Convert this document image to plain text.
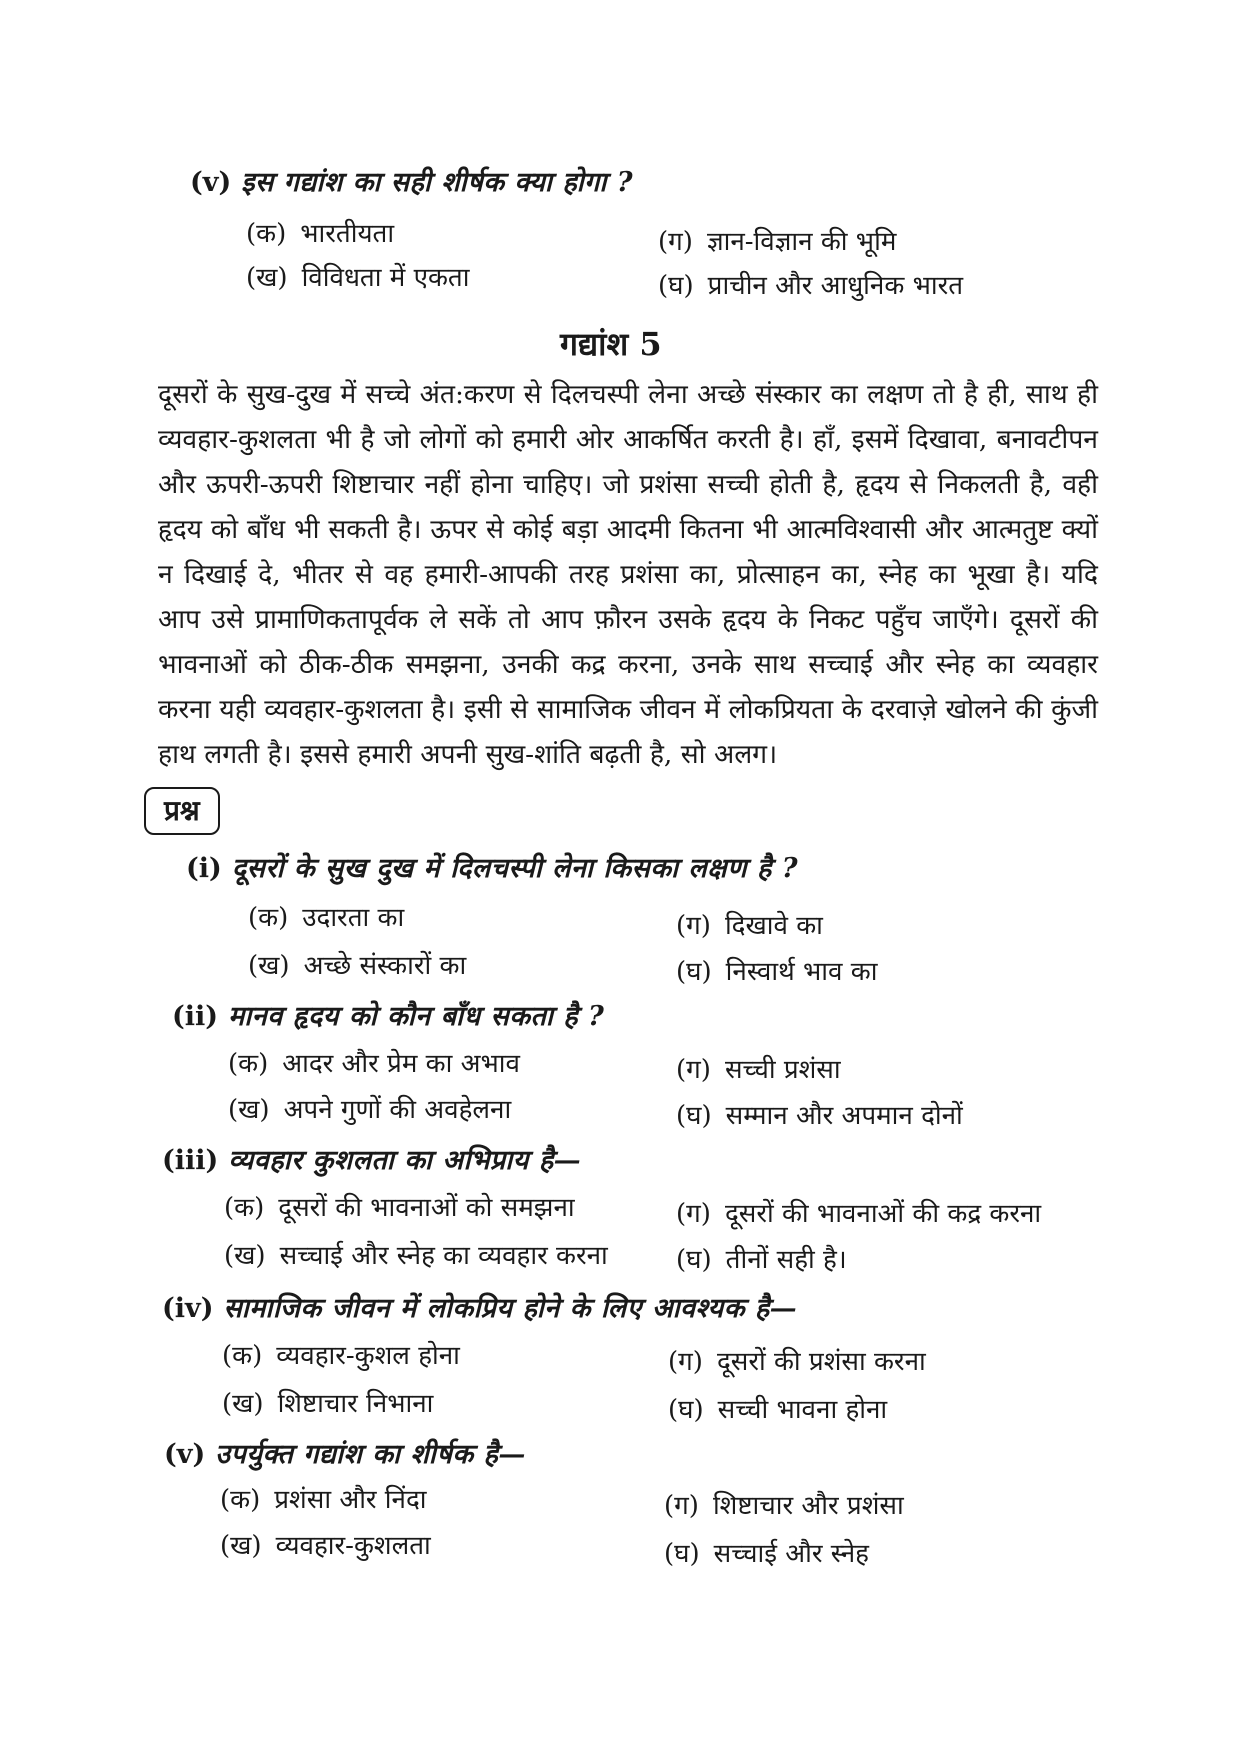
(v) इस गद्यांश का सही शीर्षक क्या होगा ?
(क) भारतीयता
(ख) विविधता में एकता
(ग) ज्ञान-विज्ञान की भूमि
(घ) प्राचीन और आधुनिक भारत
गद्यांश 5
दूसरों के सुख-दुख में सच्चे अंत:करण से दिलचस्पी लेना अच्छे संस्कार का लक्षण तो है ही, साथ ही व्यवहार-कुशलता भी है जो लोगों को हमारी ओर आकर्षित करती है। हाँ, इसमें दिखावा, बनावटीपन और ऊपरी-ऊपरी शिष्टाचार नहीं होना चाहिए। जो प्रशंसा सच्ची होती है, हृदय से निकलती है, वही हृदय को बाँध भी सकती है। ऊपर से कोई बड़ा आदमी कितना भी आत्मविश्वासी और आत्मतुष्ट क्यों न दिखाई दे, भीतर से वह हमारी-आपकी तरह प्रशंसा का, प्रोत्साहन का, स्नेह का भूखा है। यदि आप उसे प्रामाणिकतापूर्वक ले सकें तो आप फ़ौरन उसके हृदय के निकट पहुँच जाएँगे। दूसरों की भावनाओं को ठीक-ठीक समझना, उनकी कद्र करना, उनके साथ सच्चाई और स्नेह का व्यवहार करना यही व्यवहार-कुशलता है। इसी से सामाजिक जीवन में लोकप्रियता के दरवाज़े खोलने की कुंजी हाथ लगती है। इससे हमारी अपनी सुख-शांति बढ़ती है, सो अलग।
प्रश्न
(i) दूसरों के सुख दुख में दिलचस्पी लेना किसका लक्षण है ?
(क) उदारता का
(ख) अच्छे संस्कारों का
(ग) दिखावे का
(घ) निस्वार्थ भाव का
(ii) मानव हृदय को कौन बाँध सकता है ?
(क) आदर और प्रेम का अभाव
(ख) अपने गुणों की अवहेलना
(ग) सच्ची प्रशंसा
(घ) सम्मान और अपमान दोनों
(iii) व्यवहार कुशलता का अभिप्राय है—
(क) दूसरों की भावनाओं को समझना
(ख) सच्चाई और स्नेह का व्यवहार करना
(ग) दूसरों की भावनाओं की कद्र करना
(घ) तीनों सही है।
(iv) सामाजिक जीवन में लोकप्रिय होने के लिए आवश्यक है—
(क) व्यवहार-कुशल होना
(ख) शिष्टाचार निभाना
(ग) दूसरों की प्रशंसा करना
(घ) सच्ची भावना होना
(v) उपर्युक्त गद्यांश का शीर्षक है—
(क) प्रशंसा और निंदा
(ख) व्यवहार-कुशलता
(ग) शिष्टाचार और प्रशंसा
(घ) सच्चाई और स्नेह
